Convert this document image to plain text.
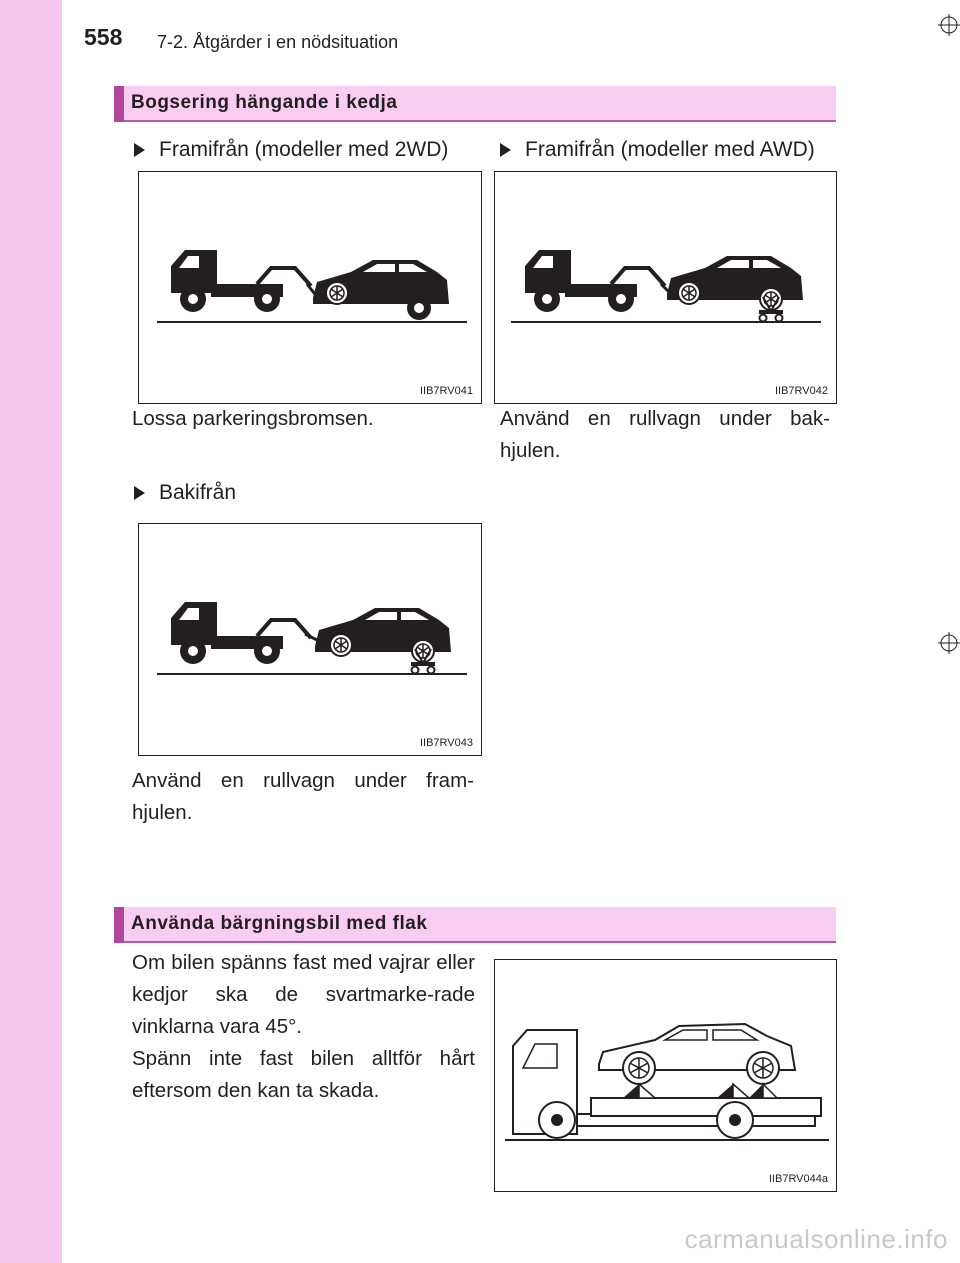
558 7-2. Åtgärder i en nödsituation
Bogsering hängande i kedja
Framifrån (modeller med 2WD)	Framifrån (modeller med AWD)
IIB7RV041	IIB7RV042
Lossa parkeringsbromsen.	Använd en rullvagn under bak-hjulen.
Bakifrån
IIB7RV043
Använd en rullvagn under fram-hjulen.
Använda bärgningsbil med flak
Om bilen spänns fast med vajrar eller kedjor ska de svartmarke-rade vinklarna vara 45°.
Spänn inte fast bilen alltför hårt eftersom den kan ta skada.
IIB7RV044a
carmanualsonline.info
